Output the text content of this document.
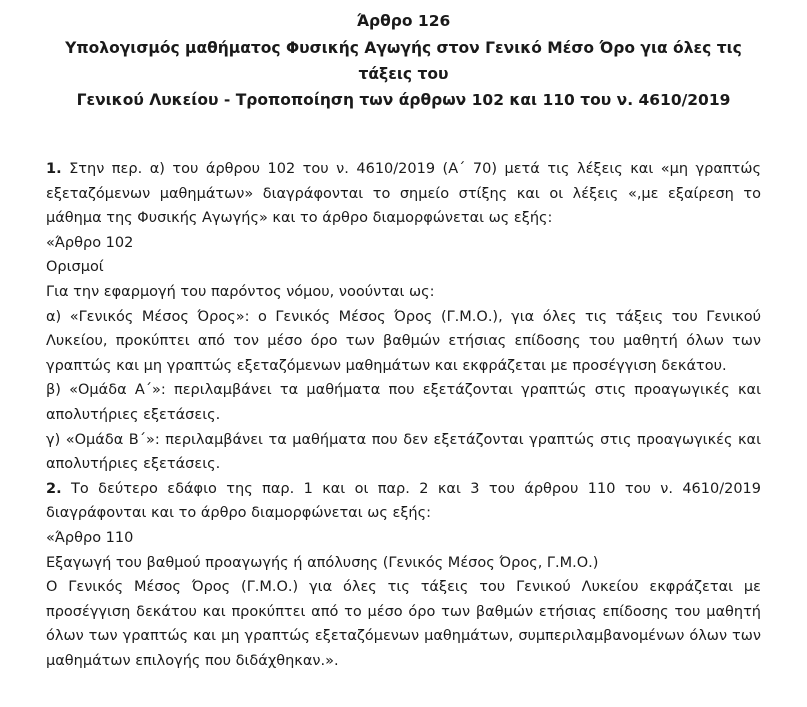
Άρθρο 126
Υπολογισμός μαθήματος Φυσικής Αγωγής στον Γενικό Μέσο Όρο για όλες τις τάξεις του
Γενικού Λυκείου - Τροποποίηση των άρθρων 102 και 110 του ν. 4610/2019

1. Στην περ. α) του άρθρου 102 του ν. 4610/2019 (Α΄ 70) μετά τις λέξεις και «μη γραπτώς εξεταζόμενων μαθημάτων» διαγράφονται το σημείο στίξης και οι λέξεις «,με εξαίρεση το μάθημα της Φυσικής Αγωγής» και το άρθρο διαμορφώνεται ως εξής:

«Άρθρο 102

Ορισμοί

Για την εφαρμογή του παρόντος νόμου, νοούνται ως:

α) «Γενικός Μέσος Όρος»: ο Γενικός Μέσος Όρος (Γ.Μ.Ο.), για όλες τις τάξεις του Γενικού Λυκείου, προκύπτει από τον μέσο όρο των βαθμών ετήσιας επίδοσης του μαθητή όλων των γραπτώς και μη γραπτώς εξεταζόμενων μαθημάτων και εκφράζεται με προσέγγιση δεκάτου.

β) «Ομάδα Α΄»: περιλαμβάνει τα μαθήματα που εξετάζονται γραπτώς στις προαγωγικές και απολυτήριες εξετάσεις.

γ) «Ομάδα Β΄»: περιλαμβάνει τα μαθήματα που δεν εξετάζονται γραπτώς στις προαγωγικές και απολυτήριες εξετάσεις.

2. Το δεύτερο εδάφιο της παρ. 1 και οι παρ. 2 και 3 του άρθρου 110 του ν. 4610/2019 διαγράφονται και το άρθρο διαμορφώνεται ως εξής:

«Άρθρο 110

Εξαγωγή του βαθμού προαγωγής ή απόλυσης (Γενικός Μέσος Όρος, Γ.Μ.Ο.)

Ο Γενικός Μέσος Όρος (Γ.Μ.Ο.) για όλες τις τάξεις του Γενικού Λυκείου εκφράζεται με προσέγγιση δεκάτου και προκύπτει από το μέσο όρο των βαθμών ετήσιας επίδοσης του μαθητή όλων των γραπτώς και μη γραπτώς εξεταζόμενων μαθημάτων, συμπεριλαμβανομένων όλων των μαθημάτων επιλογής που διδάχθηκαν.».
